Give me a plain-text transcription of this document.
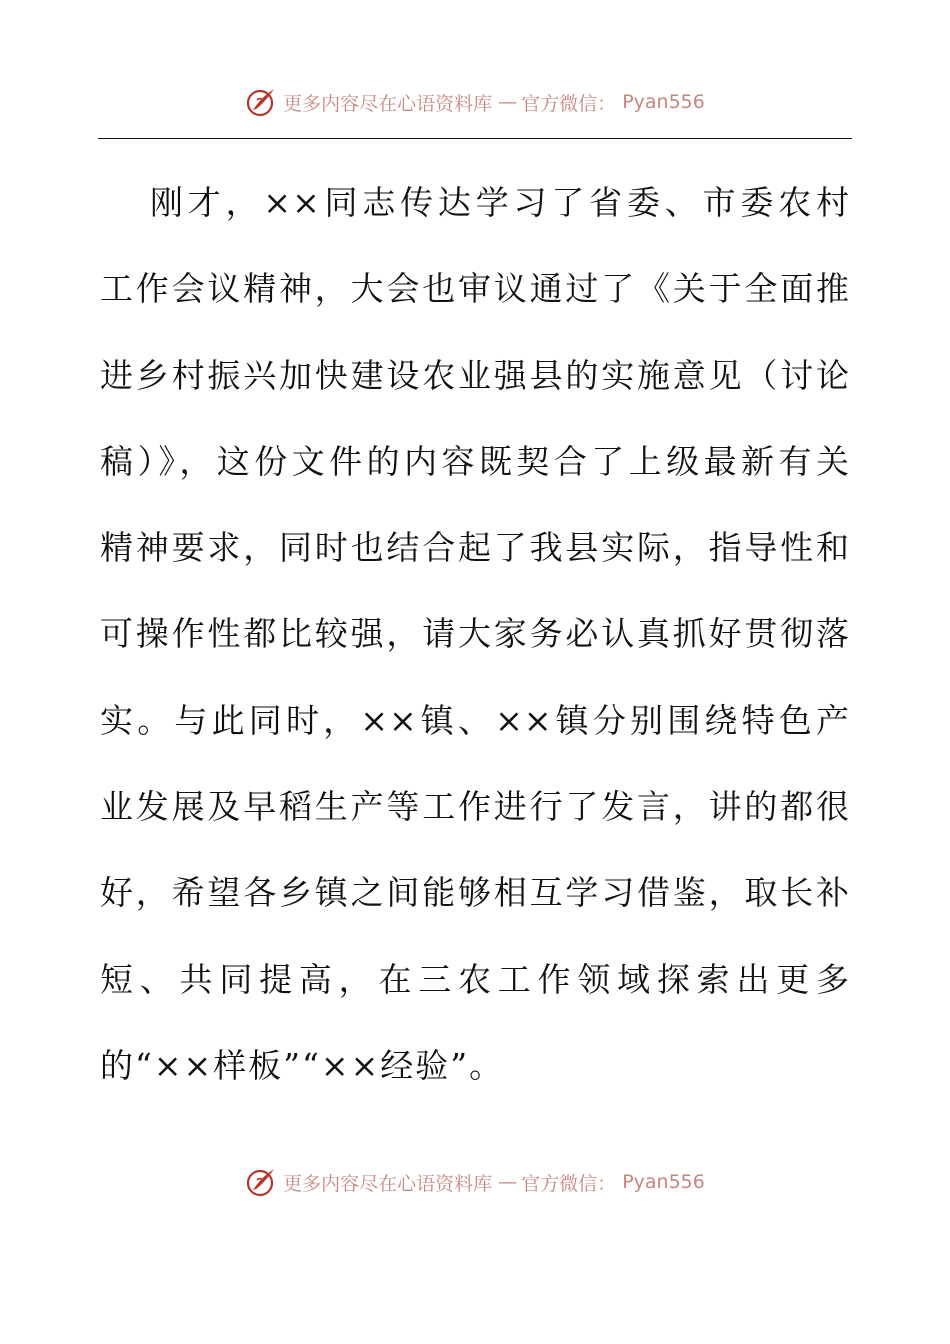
更多内容尽在心语资料库 — 官方微信： Pyan556
刚才，××同志传达学习了省委、市委农村
工作会议精神，大会也审议通过了《关于全面推
进乡村振兴加快建设农业强县的实施意见（讨论
稿）》，这份文件的内容既契合了上级最新有关
精神要求，同时也结合起了我县实际，指导性和
可操作性都比较强，请大家务必认真抓好贯彻落
实。与此同时，××镇、××镇分别围绕特色产
业发展及早稻生产等工作进行了发言，讲的都很
好，希望各乡镇之间能够相互学习借鉴，取长补
短、共同提高，在三农工作领域探索出更多
的“××样板”“××经验”。
更多内容尽在心语资料库 — 官方微信： Pyan556
